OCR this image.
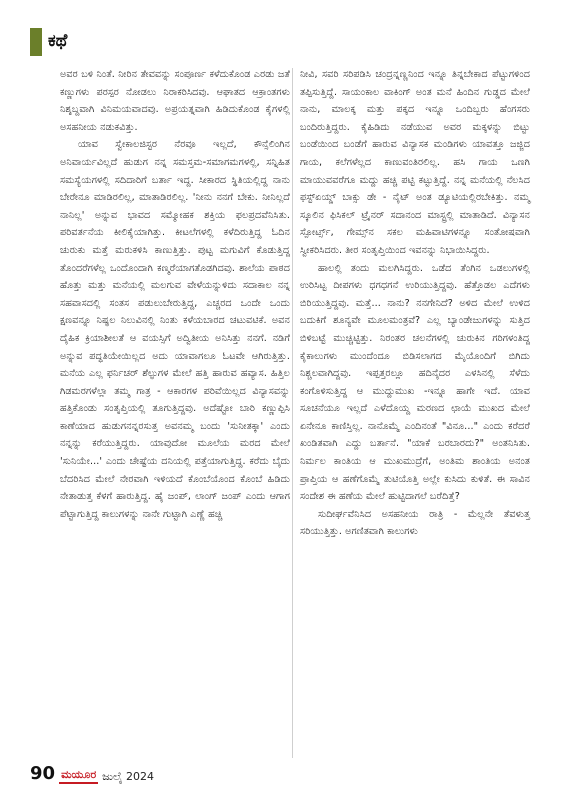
ಕಥೆ

ಅವರ ಬಳಿ ನಿಂತೆ. ನೀರಿನ ತೇವವನ್ನು ಸಂಪೂರ್ಣ ಕಳೆದುಕೊಂಡ ಎರಡು ಜತೆ ಕಣ್ಣುಗಳು ಪರಸ್ಪರ ನೋಡಲು ನಿರಾಕರಿಸಿದವು. ಆಘಾತದ ಆಕ್ರಾಂತಗಳು ನಿಶ್ಶಬ್ದವಾಗಿ ವಿನಿಮಯವಾದವು. ಅಪ್ರಯತ್ನವಾಗಿ ಹಿಡಿದುಕೊಂಡ ಕೈಗಳಲ್ಲಿ ಅಸಹನೀಯ ನಡುಕವಿತ್ತು.

ಯಾವ ಸ್ವೇಕಾಲಜಿಸ್ಟರ ನೆರವೂ ಇಲ್ಲದೆ, ಕೌನ್ಸೆಲಿಂಗಿನ ಅನಿವಾರ್ಯವಿಲ್ಲದೆ ಹುಡುಗ ನನ್ನ ಸಮಸ್ತಮ-ಸಮಾಗಮಗಳಲ್ಲಿ, ಸನ್ನಿಹಿತ ಸಮಸ್ಯೆಯಗಳಲ್ಲಿ ಸದಿದಾರಿಗೆ ಬರ್ತಾ ಇದ್ದ. ಸೀಕಾರದ ಸ್ಥಿತಿಯಲ್ಲಿದ್ದ ನಾನು ಬೇರೇನೂ ಮಾಡಿರಲಿಲ್ಲ, ಮಾತಾಡಿರಲಿಲ್ಲ. 'ನೀನು ನನಗೆ ಬೇಕು. ನೀನಿಲ್ಲದೆ ನಾನಿಲ್ಲ' ಅನ್ನುವ ಭಾವದ ಸಮ್ಮೋಹಕ ಶಕ್ತಿಯ ಫಲಪ್ರದವೆನಿಸಿತು. ಪರಿವರ್ತನೆಯ ಕೀಲಿಕೈಯಾಗಿತ್ತು. ಕೀಟಲೆಗಳಲ್ಲಿ ಕಳೆದಿರುತ್ತಿದ್ದ ಓದಿನ ಚುರುಕು ಮತ್ತೆ ಮರುಕಳಿಸಿ ಕಾಣುತ್ತಿತ್ತು. ಪುಟ್ಟ ಮಗುವಿಗೆ ಕೊಡುತ್ತಿದ್ದ ತೊಂದರೆಗಳೆಲ್ಲ ಒಂದೊಂದಾಗಿ ಕಣ್ಮರೆಯಾಗತೊಡಗಿದವು. ಶಾಲೆಯ ಪಾಠದ ಹೊತ್ತು ಮತ್ತು ಮನೆಯಲ್ಲಿ ಮಲಗುವ ವೇಳೆಯನ್ನುಳಿದು ಸದಾಕಾಲ ನನ್ನ ಸಹವಾಸದಲ್ಲಿ ಸಂತಸ ಪಡುಲುಬೇರುತ್ತಿದ್ದ, ಎಚ್ಚರದ ಒಂದೇ ಒಂದು ಕ್ಷಣವನ್ನೂ ನಿಷ್ಫಲ ನಿಲುವಿನಲ್ಲಿ ನಿಂತು ಕಳೆಯಬಾರದ ಚಟುವಟಿಕೆ. ಅವನ ದೈಹಿಕ ಕ್ರಿಯಾಶೀಲತೆ ಆ ವಯಸ್ಸಿಗೆ ಅದ್ವಿತೀಯ ಅನಿಸಿತ್ತು ನನಗೆ. ನಡಿಗೆ ಅನ್ನುವ ಪದ್ಧತಿಯೇಯಿಲ್ಲದ ಅದು ಯಾವಾಗಲೂ ಓಟವೇ ಆಗಿರುತ್ತಿತ್ತು. ಮನೆಯ ಎಲ್ಲ ಫರ್ನಿಚರ್ ಶೆಲ್ಫುಗಳ ಮೇಲೆ ಹತ್ತಿ ಹಾರುವ ಹವ್ಯಾಸ. ಹಿತ್ತಿಲ ಗಿಡಮರಗಳೆಲ್ಲಾ ತಮ್ಮ ಗಾತ್ರ - ಆಕಾರಗಳ ಪರಿವೆಯಿಲ್ಲದ ವಿನ್ಯಾಸವನ್ನು ಹತ್ತಿಕೊಂಡು ಸಂತೃಪ್ತಿಯಲ್ಲಿ ತೂಗುತ್ತಿದ್ದವು. ಅದೆಷ್ಟೋ ಬಾರಿ ಕಣ್ಣುಪ್ಪಿಸಿ ಕಾಣೆಯಾದ ಹುಡುಗನನ್ನರಸುತ್ತ ಅವನಮ್ಮ ಬಂದು 'ಸುನೀತಕ್ಕಾ' ಎಂದು ನನ್ನನ್ನು ಕರೆಯುತ್ತಿದ್ದರು. ಯಾವುದೋ ಮೂಲೆಯ ಮರದ ಮೇಲೆ 'ಸುನಿಯೇ...' ಎಂದು ಚೇಷ್ಟೆಯ ದನಿಯಲ್ಲಿ ಪತ್ತೆಯಾಗುತ್ತಿದ್ದ. ಕರೆದು ಬೈದು ಬೆದರಿಸಿದ ಮೇಲೆ ನೇರವಾಗಿ ಇಳಿಯದೆ ಕೊಂಬೆಯೊಂದ ಕೊಂಬೆ ಹಿಡಿದು ನೇತಾಡುತ್ತ ಕೆಳಗೆ ಹಾರುತ್ತಿದ್ದ. ಹೈ ಜಂಪ್, ಲಾಂಗ್ ಜಂಪ್ ಎಂದು ಆಗಾಗ ಪೆಟ್ಟಾಗುತ್ತಿದ್ದ ಕಾಲುಗಳನ್ನು ನಾನೇ ಗುಟ್ಟಾಗಿ ಎಣ್ಣೆ ಹಚ್ಚಿ

ನೀವಿ, ಸವರಿ ಸರಿಪಡಿಸಿ ಚಂದ್ರನ್ನಣ್ಣನಿಂದ ಇನ್ನೂ ತಿನ್ನಬೇಕಾದ ಪೆಟ್ಟುಗಳಿಂದ ತಪ್ಪಿಸುತ್ತಿದ್ದೆ. ಸಾಯಂಕಾಲ ವಾಕಿಂಗ್ ಅಂತ ಮನೆ ಹಿಂದಿನ ಗುಡ್ಡದ ಮೇಲೆ ನಾನು, ಮಾಲಕ್ಕ ಮತ್ತು ಪಕ್ಕದ ಇನ್ನೂ ಒಂದಿಬ್ಬರು ಹೆಂಗಸರು ಬಂದಿರುತ್ತಿದ್ದರು. ಕೈಹಿಡಿದು ನಡೆಯುವ ಅವರ ಮಕ್ಕಳನ್ನು ಬಿಟ್ಟು ಬಂಡೆಯಿಂದ ಬಂಡೆಗೆ ಹಾರುವ ವಿನ್ಯಾಸಕ ಮಂಡಿಗಳು ಯಾವತ್ತೂ ಜಜ್ಜಿದ ಗಾಯ, ಕಲೆಗಳೆಲ್ಲದ ಕಾಣುವಂತಿರಲಿಲ್ಲ. ಹಸಿ ಗಾಯ ಒಣಗಿ ಮಾಯುವವರೆಗೂ ಮದ್ದು ಹಚ್ಚಿ ಪಟ್ಟಿ ಕಟ್ಟುತ್ತಿದ್ದೆ. ನನ್ನ ಮನೆಯಲ್ಲಿ ನೆಲಸಿದ ಫಸ್ಟ್‌ಏಯ್ಡ್ ಬಾಕ್ಸು ಡೇ - ನೈಟ್ ಅಂತ ಡ್ಯೂಟಿಯಲ್ಲಿರಬೇಕಿತ್ತು. ನಮ್ಮ ಸ್ಕೂಲಿನ ಫಿಸಿಕಲ್ ಟ್ರೈನರ್ ಸದಾನಂದ ಮಾಸ್ಟ್ರಲ್ಲಿ ಮಾತಾಡಿದೆ. ವಿನ್ಯಾಸನ ಸ್ಪೋರ್ಟ್ಸ್, ಗೇಮ್ಸ್‌ನ ಸಕಲ ಮಹಿವಾಟಿಗಳನ್ನೂ ಸಂತೋಷವಾಗಿ ಸ್ವೀಕರಿಸಿದರು. ತೀರ ಸಂತೃಪ್ತಿಯಿಂದ ಇವನನ್ನು ನಿಭಾಯಿಸಿದ್ದರು.

ಹಾಲಲ್ಲಿ ತಂದು ಮಲಗಿಸಿದ್ದರು. ಒಡೆದ ತೆಂಗಿನ ಒಡಲುಗಳಲ್ಲಿ ಉರಿಸಿಟ್ಟ ದೀಪಗಳು ಧಗಧಗನೆ ಉರಿಯುತ್ತಿದ್ದವು. ಹೆತ್ತೊಡಲ ಎದೆಗಳು ಬಿರಿಯುತ್ತಿದ್ದವು. ಮತ್ತೆ... ನಾನು? ನನಗೇನಿದೆ? ಅಳಿದ ಮೇಲೆ ಉಳಿದ ಬದುಕಿಗೆ ಶೂನ್ಯವೇ ಮೂಲಮಂತ್ರವೆ? ಎಲ್ಲ ಬ್ಯಾಂಡೇಜುಗಳನ್ನು ಸುತ್ತಿದ ಬಿಳಿಬಟ್ಟೆ ಮುಚ್ಚಿಟ್ಟಿತ್ತು. ನಿರಂತರ ಚಲನೆಗಳಲ್ಲಿ ಚುರುಕಿನ ಗರಿಗಳಂತಿದ್ದ ಕೈಕಾಲುಗಳು ಮುಂದೆಂದೂ ಬಿಡಿಸಲಾಗದ ಮೈಯೊಂದಿಗೆ ಬಿಗಿದು ನಿಶ್ಚಲವಾಗಿದ್ದವು. ಇಪ್ಪತ್ತರಲ್ಲೂ ಹದಿನೈದರ ಎಳಸಿನಲ್ಲಿ ಸೆಳೆದು ಕಂಗೊಳಿಸುತ್ತಿದ್ದ ಆ ಮುದ್ದುಮುಖ -ಇನ್ನೂ ಹಾಗೇ ಇದೆ. ಯಾವ ಸೂಚನೆಯೂ ಇಲ್ಲದೆ ಎಳೆದೊಯ್ದ ಮರಣದ ಛಾಯೆ ಮುಖದ ಮೇಲೆ ಏನೇನೂ ಕಾಣಿಸ್ತಿಲ್ಲ. ನಾನೊಮ್ಮೆ ಎಂದಿನಂತೆ "ವಿನೂ..." ಎಂದು ಕರೆದರೆ ಖಂಡಿತವಾಗಿ ಎದ್ದು ಬರ್ತಾನೆ. "ಯಾಕೆ ಬರಬಾರದು?" ಅಂತನಿಸಿತು. ನಿರ್ಮಲ ಕಾಂತಿಯ ಆ ಮುಖಮುದ್ರೆಗೆ, ಅಂತಿಮ ಶಾಂತಿಯ ಅನಂತ ಪ್ರಾಪ್ತಿಯ ಆ ಹಣೆಗೊಮ್ಮೆ ತುಟಿಯೊತ್ತಿ ಅಲ್ಲೇ ಕುಸಿದು ಕುಳಿತೆ. ಈ ಸಾವಿನ ಸಂದೇಶ ಈ ಹಣೆಯ ಮೇಲೆ ಹುಟ್ಟಿದಾಗಲೆ ಬರೆದಿತ್ತೆ?

ಸುದೀರ್ಘವೆನಿಸಿದ ಅಸಹನೀಯ ರಾತ್ರಿ - ಮೆಲ್ಲನೇ ತೆವಳುತ್ತ ಸರಿಯುತ್ತಿತ್ತು. ಅಗಣಿತವಾಗಿ ಕಾಲುಗಳು

90 ಮಯೂರ ಜುಲೈ 2024
